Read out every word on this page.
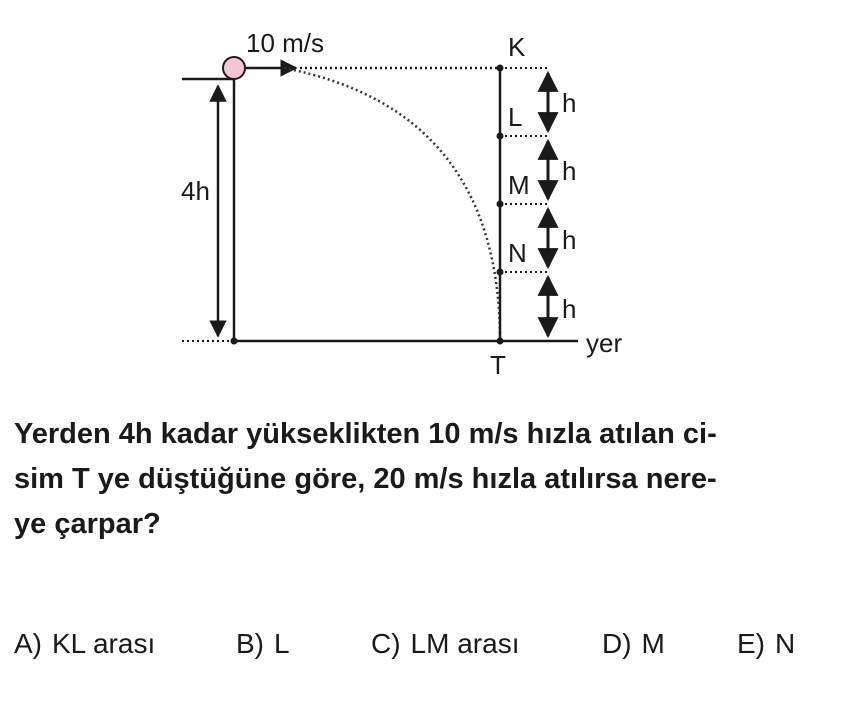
4h
yer
10 m/s	K
L
M
N
T
h
h
h
h

Yerden 4h kadar yükseklikten 10 m/s hızla atılan ci-
sim T ye düştüğüne göre, 20 m/s hızla atılırsa nere-
ye çarpar?

A) KL arası	B) L	C) LM arası	D) M	E) N
